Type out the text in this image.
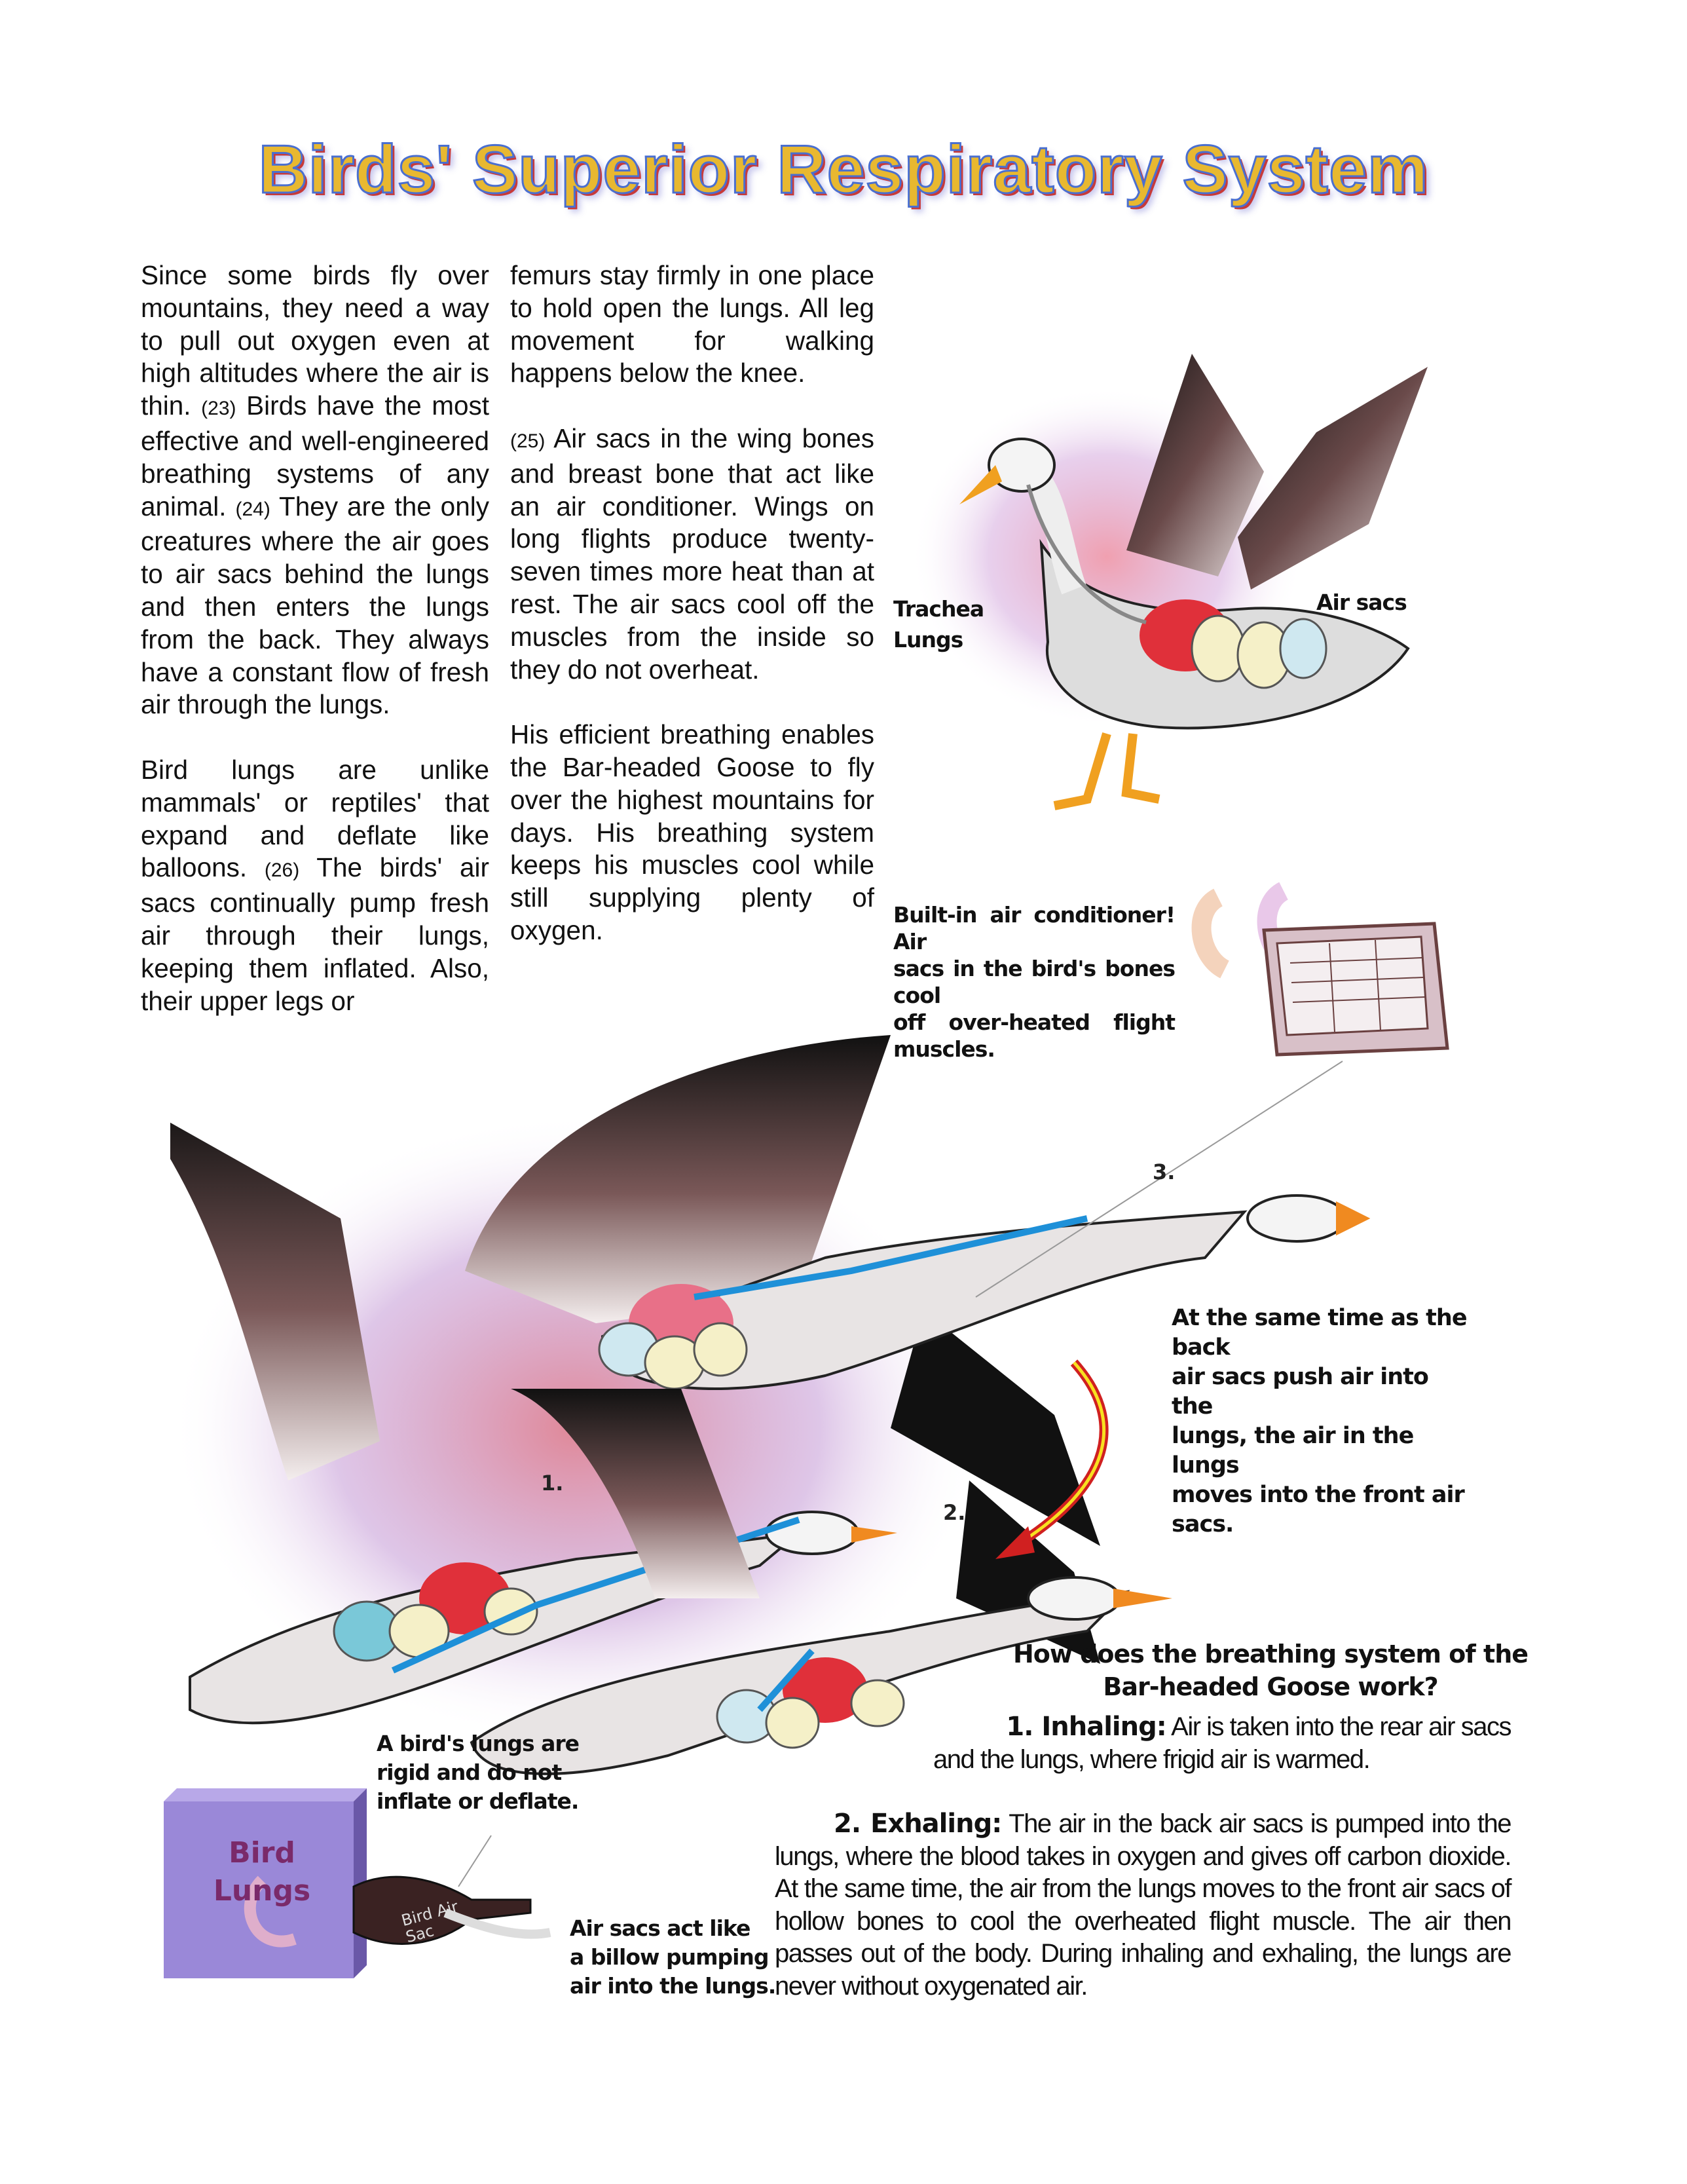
Birds' Superior Respiratory System

Since some birds fly over mountains, they need a way to pull out oxygen even at high altitudes where the air is thin. (23) Birds have the most effective and well-engineered breathing systems of any animal. (24) They are the only creatures where the air goes to air sacs behind the lungs and then enters the lungs from the back. They always have a constant flow of fresh air through the lungs.

Bird lungs are unlike mammals' or reptiles' that expand and deflate like balloons. (26) The birds' air sacs continually pump fresh air through their lungs, keeping them inflated. Also, their upper legs or

femurs stay firmly in one place to hold open the lungs. All leg movement for walking happens below the knee.

(25) Air sacs in the wing bones and breast bone that act like an air conditioner. Wings on long flights produce twenty-seven times more heat than at rest. The air sacs cool off the muscles from the inside so they do not overheat.

His efficient breathing enables the Bar-headed Goose to fly over the highest mountains for days. His breathing system keeps his muscles cool while still supplying plenty of oxygen.

Trachea
Lungs
Air sacs
Built-in air conditioner! Air
sacs in the bird's bones cool
off over-heated flight muscles.
3.
1.
2.
At the same time as the back
air sacs push air into the
lungs, the air in the lungs
moves into the front air sacs.
How does the breathing system of the
Bar-headed Goose work?
1. Inhaling: Air is taken into the rear air sacs
and the lungs, where frigid air is warmed.
2. Exhaling: The air in the back air sacs is pumped into the lungs, where the blood takes in oxygen and gives off carbon dioxide. At the same time, the air from the lungs moves to the front air sacs of hollow bones to cool the overheated flight muscle. The air then passes out of the body. During inhaling and exhaling, the lungs are never without oxygenated air.
A bird's lungs are
rigid and do not
inflate or deflate.
Bird Lungs
Bird Air Sac	Air sacs act like
a billow pumping
air into the lungs.
